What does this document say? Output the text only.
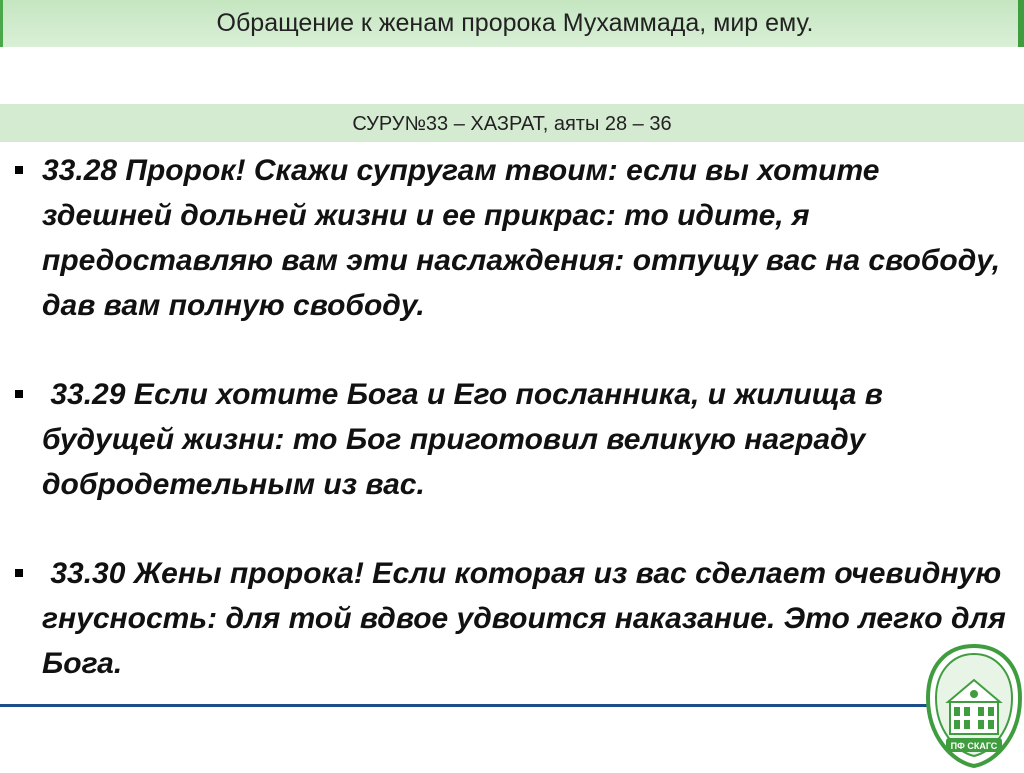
Обращение к женам пророка Мухаммада, мир ему.
СУРУ№33 – ХАЗРАТ, аяты 28 – 36
33.28 Пророк! Скажи супругам твоим: если вы хотите здешней дольней жизни и ее прикрас: то идите, я предоставляю вам эти наслаждения: отпущу вас на свободу, дав вам полную свободу.
33.29 Если хотите Бога и Его посланника, и жилища в будущей жизни: то Бог приготовил великую награду добродетельным из вас.
33.30 Жены пророка! Если которая из вас сделает очевидную гнусность: для той вдвое удвоится наказание. Это легко для Бога.
ПФ СКАГС
